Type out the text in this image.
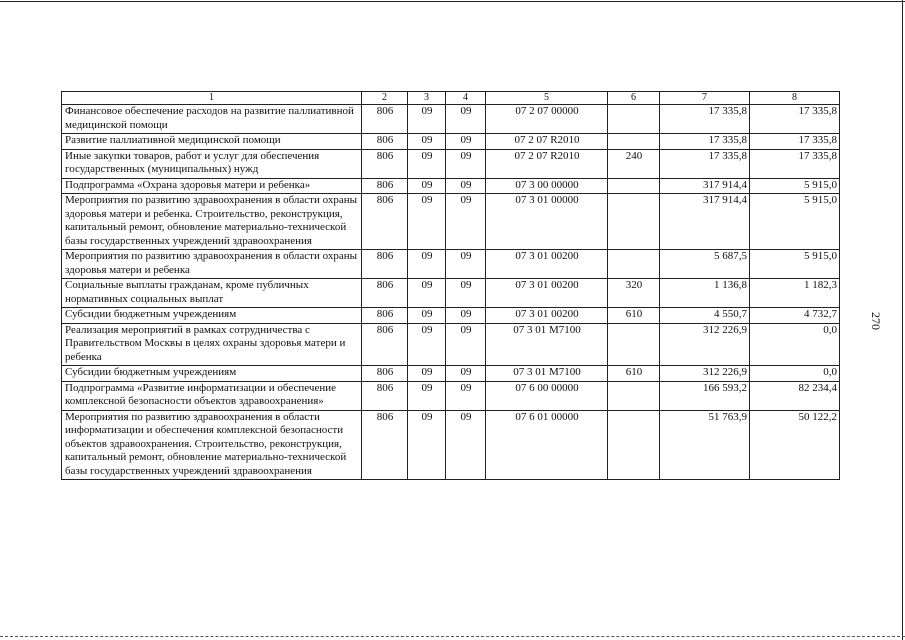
270
1	2	3	4	5	6	7	8
Финансовое обеспечение расходов на развитие паллиативной медицинской помощи	806	09	09	07 2 07 00000		17 335,8	17 335,8
Развитие паллиативной медицинской помощи	806	09	09	07 2 07 R2010		17 335,8	17 335,8
Иные закупки товаров, работ и услуг для обеспечения государственных (муниципальных) нужд	806	09	09	07 2 07 R2010	240	17 335,8	17 335,8
Подпрограмма «Охрана здоровья матери и ребенка»	806	09	09	07 3 00 00000		317 914,4	5 915,0
Мероприятия по развитию здравоохранения в области охраны здоровья матери и ребенка. Строительство, реконструкция, капитальный ремонт, обновление материально-технической базы государственных учреждений здравоохранения	806	09	09	07 3 01 00000		317 914,4	5 915,0
Мероприятия по развитию здравоохранения в области охраны здоровья матери и ребенка	806	09	09	07 3 01 00200		5 687,5	5 915,0
Социальные выплаты гражданам, кроме публичных нормативных социальных выплат	806	09	09	07 3 01 00200	320	1 136,8	1 182,3
Субсидии бюджетным учреждениям	806	09	09	07 3 01 00200	610	4 550,7	4 732,7
Реализация мероприятий в рамках сотрудничества с Правительством Москвы в целях охраны здоровья матери и ребенка	806	09	09	07 3 01 M7100		312 226,9	0,0
Субсидии бюджетным учреждениям	806	09	09	07 3 01 M7100	610	312 226,9	0,0
Подпрограмма «Развитие информатизации и обеспечение комплексной безопасности объектов здравоохранения»	806	09	09	07 6 00 00000		166 593,2	82 234,4
Мероприятия по развитию здравоохранения в области информатизации и обеспечения комплексной безопасности объектов здравоохранения. Строительство, реконструкция, капитальный ремонт, обновление материально-технической базы государственных учреждений здравоохранения	806	09	09	07 6 01 00000		51 763,9	50 122,2
